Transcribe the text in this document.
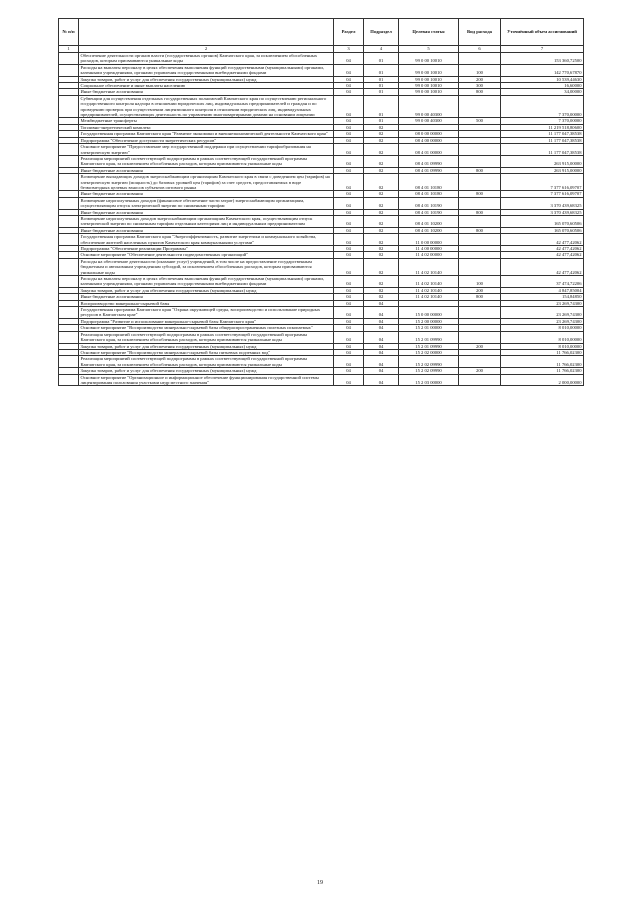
№ п/п		Раздел	Подраздел	Целевая статья	Вид расхода	Уточнённый объем ассигнований
1	2	3	4	5	6	7
	Обеспечение деятельности органов власти (государственных органов) Камчатского края, за исключением обособленных расходов, которым присваиваются уникальные коды	04	01	99 0 00 10010		153 360,72500
	Расходы на выплаты персоналу в целях обеспечения выполнения функций государственными (муниципальными) органами, казенными учреждениями, органами управления государственными внебюджетными фондами	04	01	99 0 00 10010	100	142 770,67870
	Закупка товаров, работ и услуг для обеспечения государственных (муниципальных) нужд	04	01	99 0 00 10010	200	10 539,44630
	Социальное обеспечение и иные выплаты населению	04	01	99 0 00 10010	300	16,60000
	Иные бюджетные ассигнования	04	01	99 0 00 10010	800	34,00000
	Субвенции для осуществления отдельных государственных полномочий Камчатского края по осуществлению регионального государственного контроля надзора в отношении юридических лиц, индивидуальных предпринимателей и граждан и по проведению проверок при осуществлении лицензионного контроля в отношении юридических лиц, индивидуальных предпринимателей, осуществляющих деятельность по управлению многоквартирными домами на основании лицензии	04	01	99 0 00 40300		7 370,00000
	Межбюджетные трансферты	04	01	99 0 00 40300	500	7 370,00000
	Топливно-энергетический комплекс	04	02			11 219 518,80600
	Государственная программа Камчатского края "Развитие экономики и внешнеэкономической деятельности Камчатского края"	04	02	08 0 00 00000		11 177 047,38538
	Подпрограмма "Обеспечение доступности энергетических ресурсов"	04	02	08 4 00 00000		11 177 047,38538
	Основное мероприятие "Предоставление мер государственной поддержки при осуществлении тарифообразования на электрическую энергию"	04	02	08 4 01 00000		11 177 047,38538
	Реализация мероприятий соответствующей подпрограммы в рамках соответствующей государственной программы Камчатского края, за исключением обособленных расходов, которым присваиваются уникальные коды	04	02	08 4 01 09990		263 915,00000
	Иные бюджетные ассигнования	04	02	08 4 01 09990	800	263 915,00000
	Возмещение выпадающих доходов энергоснабжающим организациям Камчатского края в связи с доведением цен (тарифов) на электрическую энергию (мощность) до базовых уровней цен (тарифов) за счет средств, предоставляемых в виде безвозмездных целевых взносов субъектов оптового рынка	04	02	08 4 01 10180		7 377 616,09707
	Иные бюджетные ассигнования	04	02	08 4 01 10180	800	7 377 616,09707
	Возмещение недополученных доходов (финансовое обеспечение части затрат) энергоснабжающим организациям, осуществляющим отпуск электрической энергии по сниженным тарифам	04	02	08 4 01 10190		3 370 439,68325
	Иные бюджетные ассигнования	04	02	08 4 01 10190	800	3 370 439,68325
	Возмещение недополученных доходов энергоснабжающим организациям Камчатского края, осуществляющим отпуск электрической энергии по сниженным тарифам отдельным категориям лиц и индивидуальным предпринимателям	04	02	08 4 01 10200		165 070,60506
	Иные бюджетные ассигнования	04	02	08 4 01 10200	800	165 070,60506
	Государственная программа Камчатского края "Энергоэффективность, развитие энергетики и коммунального хозяйства, обеспечение жителей населенных пунктов Камчатского края коммунальными услугами"	04	02	11 0 00 00000		42 477,42062
	Подпрограмма "Обеспечение реализации Программы"	04	02	11 4 00 00000		42 477,42062
	Основное мероприятие "Обеспечение деятельности подведомственных организаций"	04	02	11 4 02 00000		42 477,42062
	Расходы на обеспечение деятельности (оказание услуг) учреждений, в том числе на предоставление государственным бюджетным и автономным учреждениям субсидий, за исключением обособленных расходов, которым присваиваются уникальные коды	04	02	11 4 02 10140		42 477,42062
	Расходы на выплаты персоналу в целях обеспечения выполнения функций государственными (муниципальными) органами, казенными учреждениями, органами управления государственными внебюджетными фондами	04	02	11 4 02 10140	100	37 474,72206
	Закупка товаров, работ и услуг для обеспечения государственных (муниципальных) нужд	04	02	11 4 02 10140	200	4 847,85004
	Иные бюджетные ассигнования	04	02	11 4 02 10140	800	154,84850
	Воспроизводство минерально-сырьевой базы	04	04			23 269,74300
	Государственная программа Камчатского края "Охрана окружающей среды, воспроизводство и использование природных ресурсов в Камчатском крае"	04	04	15 0 00 00000		23 269,74300
	Подпрограмма "Развитие и использование минерально-сырьевой базы Камчатского края"	04	04	15 2 00 00000		23 269,74300
	Основное мероприятие "Воспроизводство минерально-сырьевой базы общераспространенных полезных ископаемых"	04	04	15 2 01 00000		8 010,00000
	Реализация мероприятий соответствующей подпрограммы в рамках соответствующей государственной программы Камчатского края, за исключением обособленных расходов, которым присваиваются уникальные коды	04	04	15 2 01 09990		8 010,00000
	Закупка товаров, работ и услуг для обеспечения государственных (муниципальных) нужд	04	04	15 2 01 09990	200	8 010,00000
	Основное мероприятие "Воспроизводство минерально-сырьевой базы питьевых подземных вод"	04	04	15 2 02 00000		11 766,02300
	Реализация мероприятий соответствующей подпрограммы в рамках соответствующей государственной программы Камчатского края, за исключением обособленных расходов, которым присваиваются уникальные коды	04	04	15 2 02 09990		11 766,02300
	Закупка товаров, работ и услуг для обеспечения государственных (муниципальных) нужд	04	04	15 2 02 09990	200	11 766,02300
	Основное мероприятие "Организационное и информационное обеспечение функционирования государственной системы лицензирования пользования участками недр местного значения"	04	04	15 2 03 00000		2 000,00000
19
